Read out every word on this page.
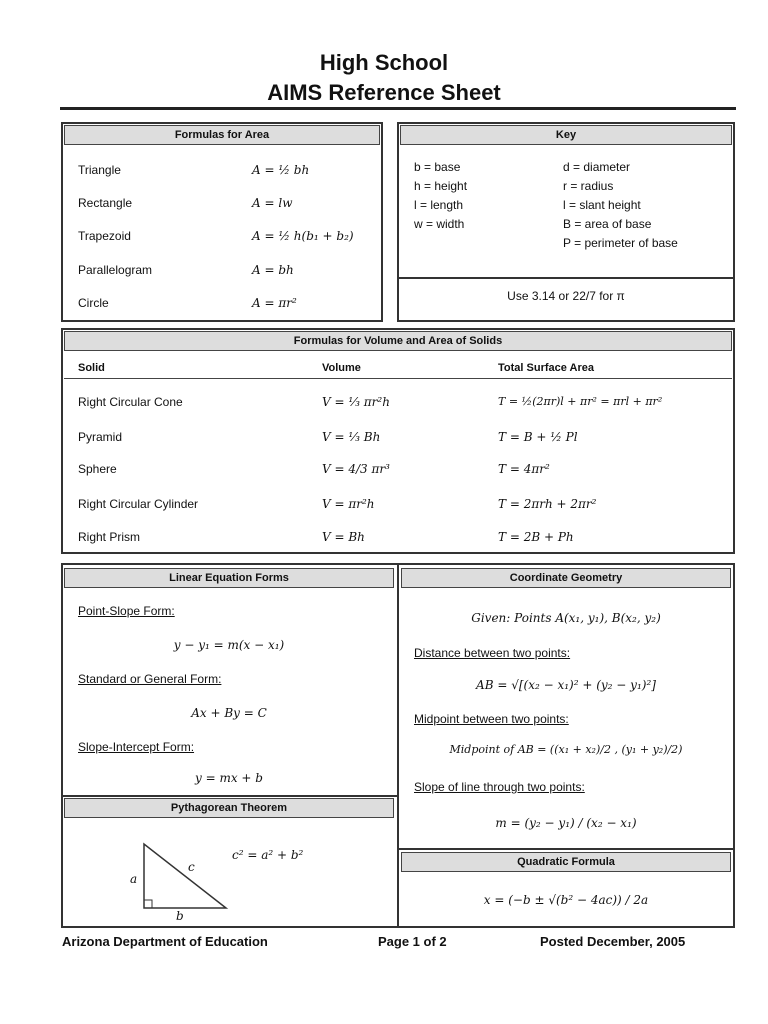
High School
AIMS Reference Sheet
Formulas for Area
Triangle	A = ½ bh
Rectangle	A = lw
Trapezoid	A = ½ h(b₁ + b₂)
Parallelogram	A = bh
Circle	A = πr²
Key
b = base
h = height
l = length
w = width
d = diameter
r = radius
l = slant height
B = area of base
P = perimeter of base
Use 3.14 or 22/7 for π
Formulas for Volume and Area of Solids
Solid	Volume	Total Surface Area
Right Circular Cone	V = ⅓ πr²h	T = ½(2πr)l + πr² = πrl + πr²
Pyramid	V = ⅓ Bh	T = B + ½ Pl
Sphere	V = 4/3 πr³	T = 4πr²
Right Circular Cylinder	V = πr²h	T = 2πrh + 2πr²
Right Prism	V = Bh	T = 2B + Ph
Linear Equation Forms
Point-Slope Form:
y − y₁ = m(x − x₁)
Standard or General Form:
Ax + By = C
Slope-Intercept Form:
y = mx + b
Pythagorean Theorem
a
b
c
c² = a² + b²
Coordinate Geometry
Given: Points A(x₁, y₁), B(x₂, y₂)
Distance between two points:
AB = √[(x₂ − x₁)² + (y₂ − y₁)²]
Midpoint between two points:
Midpoint of AB = ((x₁ + x₂)/2 , (y₁ + y₂)/2)
Slope of line through two points:
m = (y₂ − y₁) / (x₂ − x₁)
Quadratic Formula
x = (−b ± √(b² − 4ac)) / 2a
Arizona Department of Education	Page 1 of 2	Posted December, 2005
